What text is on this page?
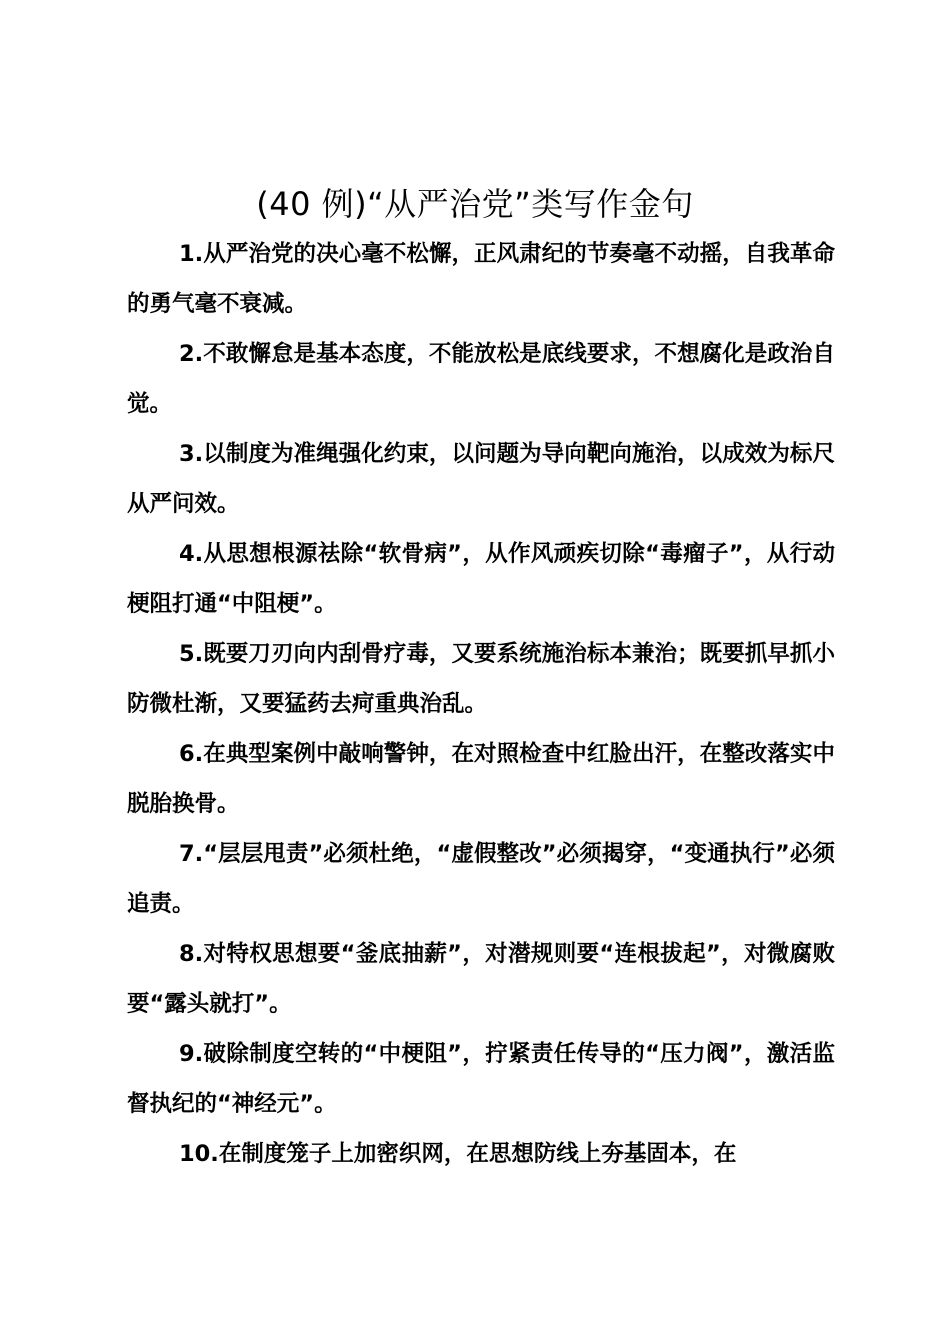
(40 例)“从严治党”类写作金句

1.从严治党的决心毫不松懈，正风肃纪的节奏毫不动摇，自我革命的勇气毫不衰减。

2.不敢懈怠是基本态度，不能放松是底线要求，不想腐化是政治自觉。

3.以制度为准绳强化约束，以问题为导向靶向施治，以成效为标尺从严问效。

4.从思想根源祛除“软骨病”，从作风顽疾切除“毒瘤子”，从行动梗阻打通“中阻梗”。

5.既要刀刃向内刮骨疗毒，又要系统施治标本兼治；既要抓早抓小防微杜渐，又要猛药去疴重典治乱。

6.在典型案例中敲响警钟，在对照检查中红脸出汗，在整改落实中脱胎换骨。

7.“层层甩责”必须杜绝，“虚假整改”必须揭穿，“变通执行”必须追责。

8.对特权思想要“釜底抽薪”，对潜规则要“连根拔起”，对微腐败要“露头就打”。

9.破除制度空转的“中梗阻”，拧紧责任传导的“压力阀”，激活监督执纪的“神经元”。

10.在制度笼子上加密织网，在思想防线上夯基固本，在
